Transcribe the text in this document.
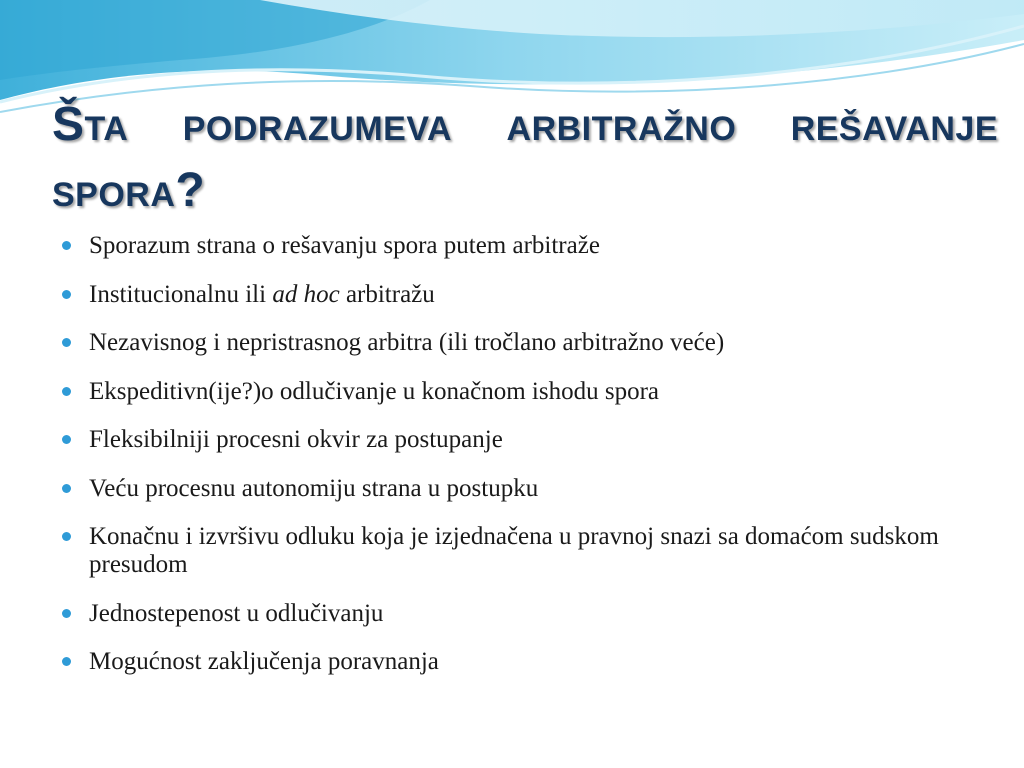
Šta podrazumeva arbitražno rešavanje spora?
Sporazum strana o rešavanju spora putem arbitraže
Institucionalnu ili ad hoc arbitražu
Nezavisnog i nepristrasnog arbitra (ili tročlano arbitražno veće)
Ekspeditivn(ije?)o odlučivanje u konačnom ishodu spora
Fleksibilniji procesni okvir za postupanje
Veću procesnu autonomiju strana u postupku
Konačnu i izvršivu odluku koja je izjednačena u pravnoj snazi sa domaćom sudskom presudom
Jednostepenost u odlučivanju
Mogućnost zaključenja poravnanja
